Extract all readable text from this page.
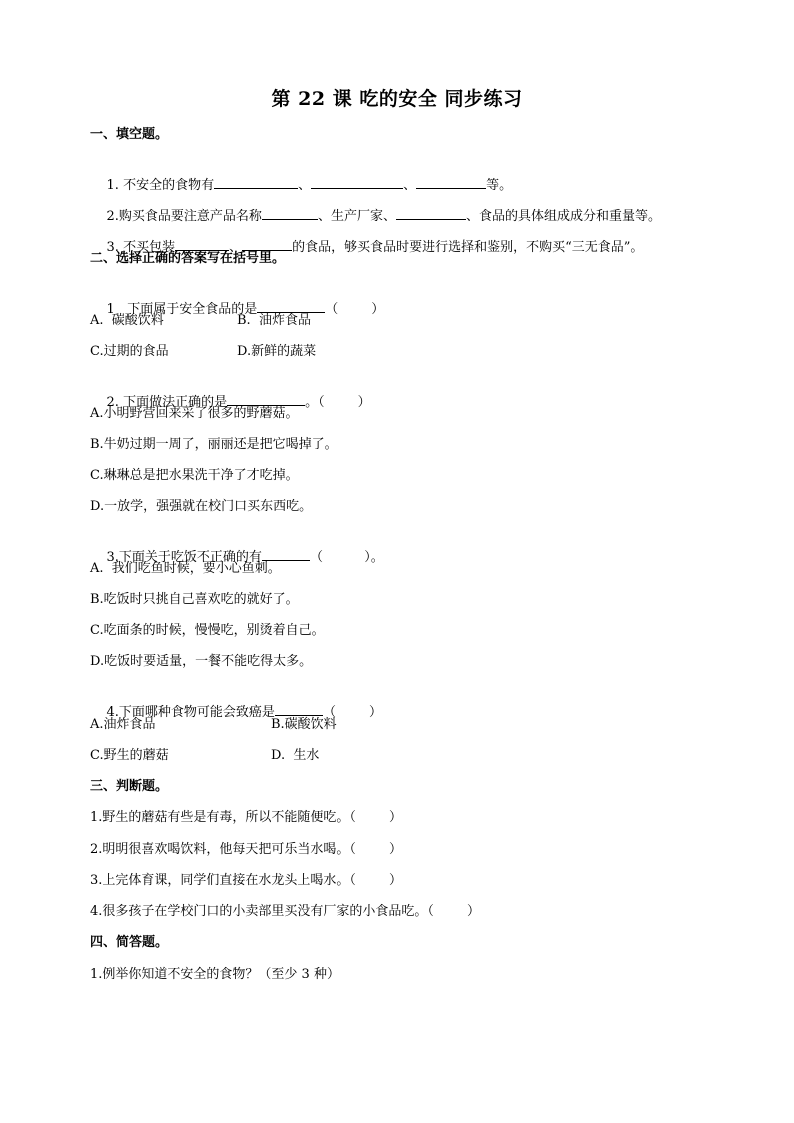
第 22 课 吃的安全 同步练习
一、填空题。

1. 不安全的食物有	、	、	等。

2.购买食品要注意产品名称	、生产厂家、	、食品的具体组成成分和重量等。

3. 不买包装	、	的食品，够买食品时要进行选择和鉴别，不购买“三无食品”。

二、选择正确的答案写在括号里。

1   下面属于安全食品的是	（        ）

A.  碳酸饮料	B.  油炸食品
C.过期的食品	D.新鲜的蔬菜

2. 下面做法正确的是	。（        ）

A.小明野营回来采了很多的野蘑菇。
B.牛奶过期一周了，丽丽还是把它喝掉了。
C.琳琳总是把水果洗干净了才吃掉。
D.一放学，强强就在校门口买东西吃。

3.下面关于吃饭不正确的有	（          ）。

A.  我们吃鱼时候，要小心鱼刺。
B.吃饭时只挑自己喜欢吃的就好了。
C.吃面条的时候，慢慢吃，别烫着自己。
D.吃饭时要适量，一餐不能吃得太多。

4.下面哪种食物可能会致癌是	（        ）

A.油炸食品	B.碳酸饮料
C.野生的蘑菇	D.  生水
三、判断题。
1.野生的蘑菇有些是有毒，所以不能随便吃。（        ）
2.明明很喜欢喝饮料，他每天把可乐当水喝。（        ）
3.上完体育课，同学们直接在水龙头上喝水。（        ）
4.很多孩子在学校门口的小卖部里买没有厂家的小食品吃。（        ）
四、简答题。
1.例举你知道不安全的食物？（至少 3 种）
